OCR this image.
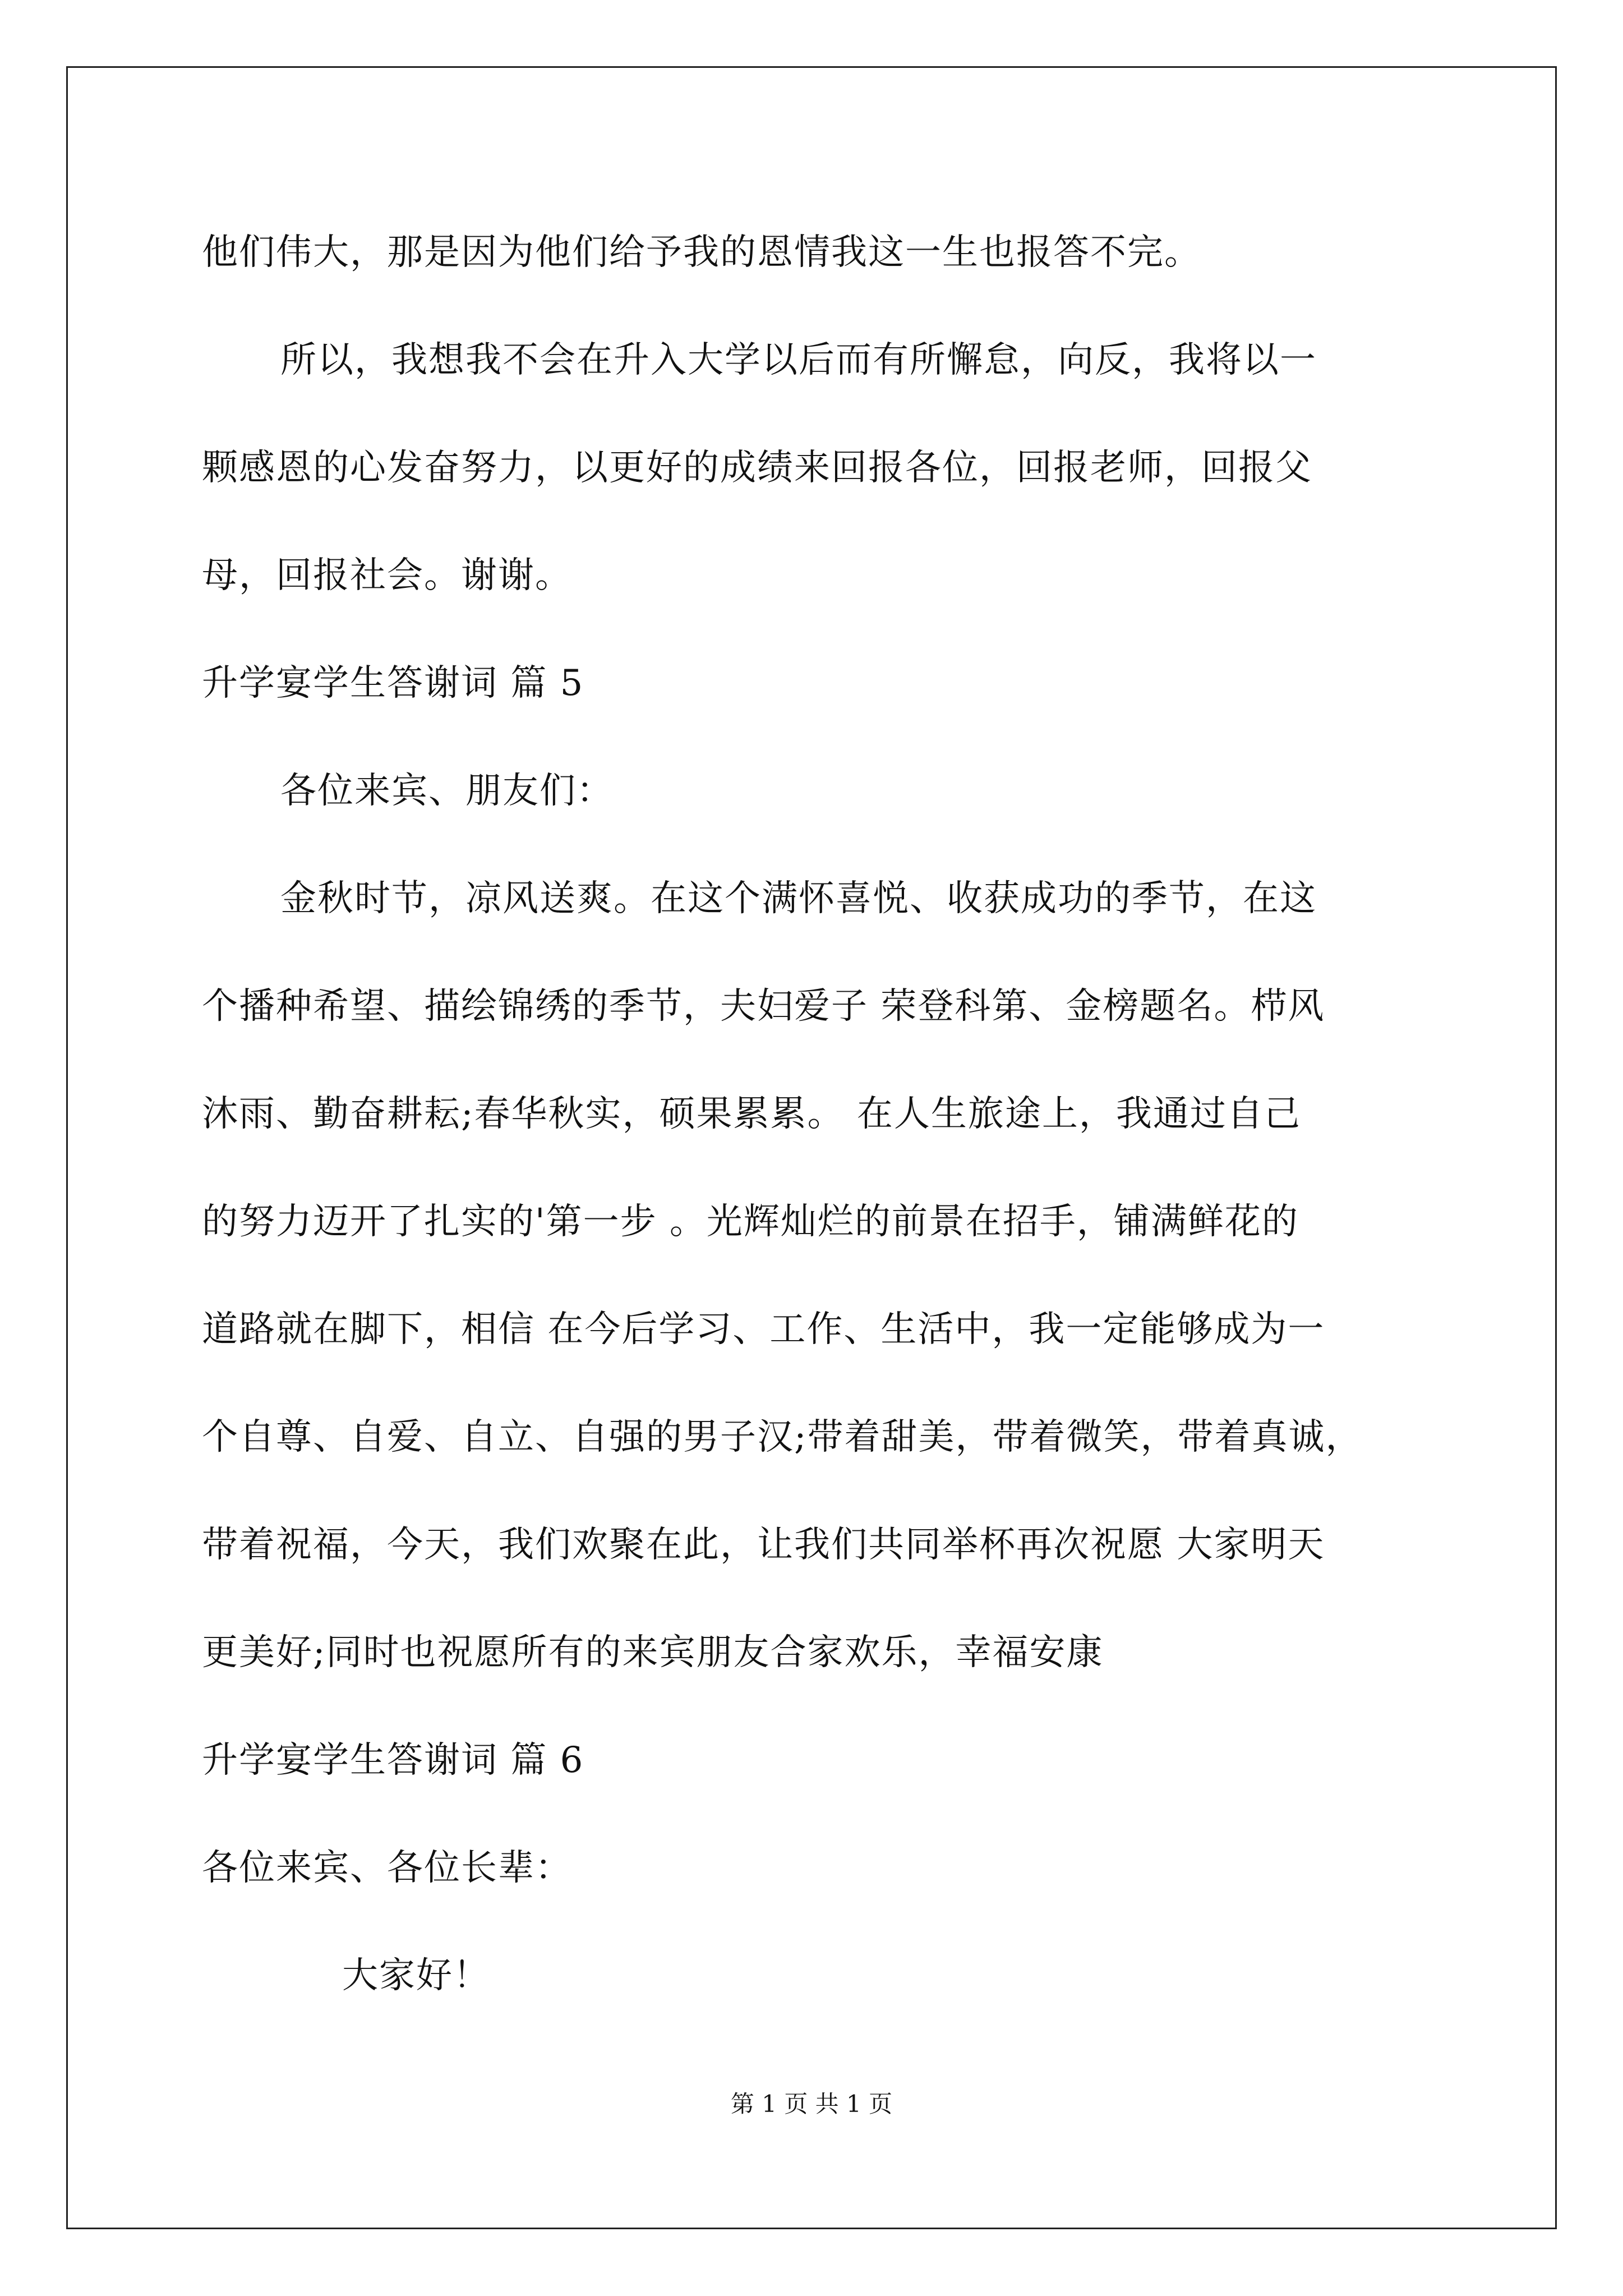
他们伟大，那是因为他们给予我的恩情我这一生也报答不完。
所以，我想我不会在升入大学以后而有所懈怠，向反，我将以一
颗感恩的心发奋努力，以更好的成绩来回报各位，回报老师，回报父
母，回报社会。谢谢。
升学宴学生答谢词 篇 5
各位来宾、朋友们：
金秋时节，凉风送爽。在这个满怀喜悦、收获成功的季节，在这
个播种希望、描绘锦绣的季节，夫妇爱子 荣登科第、金榜题名。栉风
沐雨、勤奋耕耘;春华秋实，硕果累累。 在人生旅途上，我通过自己
的努力迈开了扎实的'第一步 。光辉灿烂的前景在招手，铺满鲜花的
道路就在脚下，相信 在今后学习、工作、生活中，我一定能够成为一
个自尊、自爱、自立、自强的男子汉;带着甜美，带着微笑，带着真诚，
带着祝福，今天，我们欢聚在此，让我们共同举杯再次祝愿 大家明天
更美好;同时也祝愿所有的来宾朋友合家欢乐，幸福安康
升学宴学生答谢词 篇 6
各位来宾、各位长辈：
大家好！
第 1 页 共 1 页
